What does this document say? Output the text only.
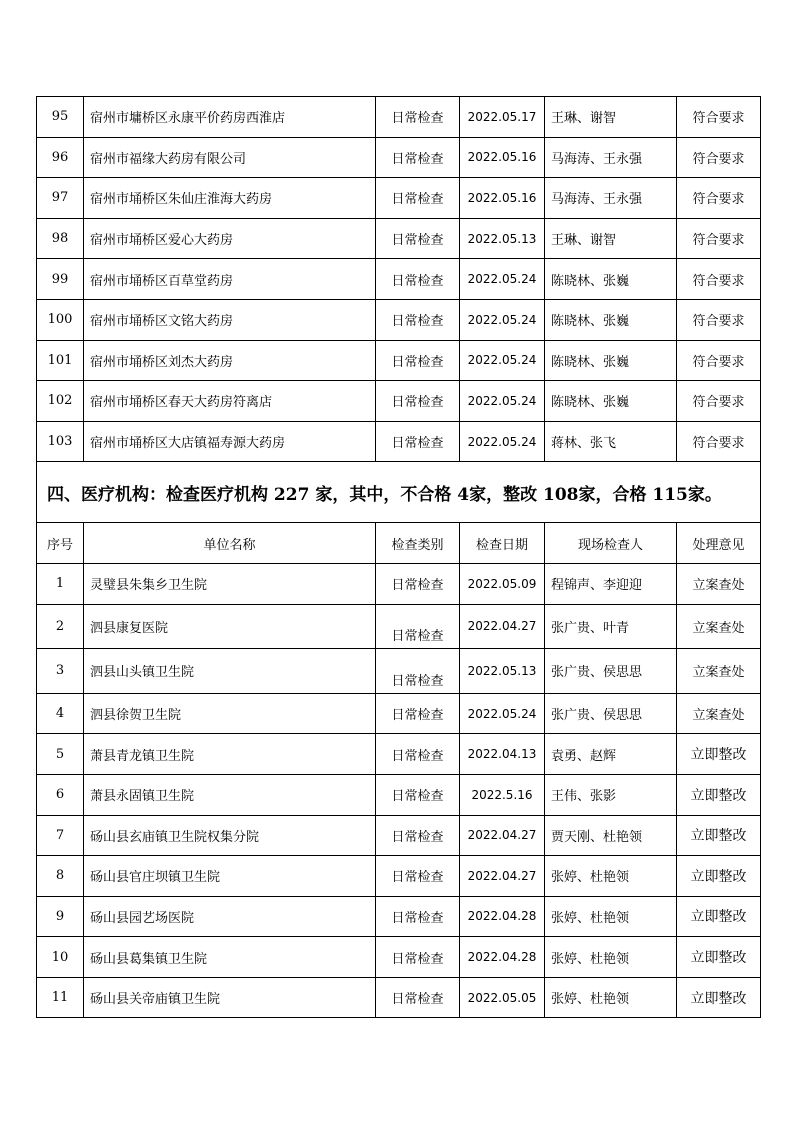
95	宿州市墉桥区永康平价药房西淮店	日常检查	2022.05.17	王琳、谢智	符合要求
96	宿州市福缘大药房有限公司	日常检查	2022.05.16	马海涛、王永强	符合要求
97	宿州市埇桥区朱仙庄淮海大药房	日常检查	2022.05.16	马海涛、王永强	符合要求
98	宿州市埇桥区爱心大药房	日常检查	2022.05.13	王琳、谢智	符合要求
99	宿州市埇桥区百草堂药房	日常检查	2022.05.24	陈晓林、张巍	符合要求
100	宿州市埇桥区文铭大药房	日常检查	2022.05.24	陈晓林、张巍	符合要求
101	宿州市埇桥区刘杰大药房	日常检查	2022.05.24	陈晓林、张巍	符合要求
102	宿州市埇桥区春天大药房符离店	日常检查	2022.05.24	陈晓林、张巍	符合要求
103	宿州市埇桥区大店镇福寿源大药房	日常检查	2022.05.24	蒋林、张飞	符合要求
四、医疗机构：检查医疗机构 227 家，其中，不合格 4家，整改 108家，合格 115家。					
序号	单位名称	检查类别	检查日期	现场检查人	处理意见
1	灵璧县朱集乡卫生院	日常检查	2022.05.09	程锦声、李迎迎	立案查处
2	泗县康复医院	日常检查	2022.04.27	张广贵、叶青	立案查处
3	泗县山头镇卫生院	日常检查	2022.05.13	张广贵、侯思思	立案查处
4	泗县徐贺卫生院	日常检查	2022.05.24	张广贵、侯思思	立案查处
5	萧县青龙镇卫生院	日常检查	2022.04.13	袁勇、赵辉	立即整改
6	萧县永固镇卫生院	日常检查	2022.5.16	王伟、张影	立即整改
7	砀山县玄庙镇卫生院权集分院	日常检查	2022.04.27	贾天刚、杜艳领	立即整改
8	砀山县官庄坝镇卫生院	日常检查	2022.04.27	张婷、杜艳领	立即整改
9	砀山县园艺场医院	日常检查	2022.04.28	张婷、杜艳领	立即整改
10	砀山县葛集镇卫生院	日常检查	2022.04.28	张婷、杜艳领	立即整改
11	砀山县关帝庙镇卫生院	日常检查	2022.05.05	张婷、杜艳领	立即整改
